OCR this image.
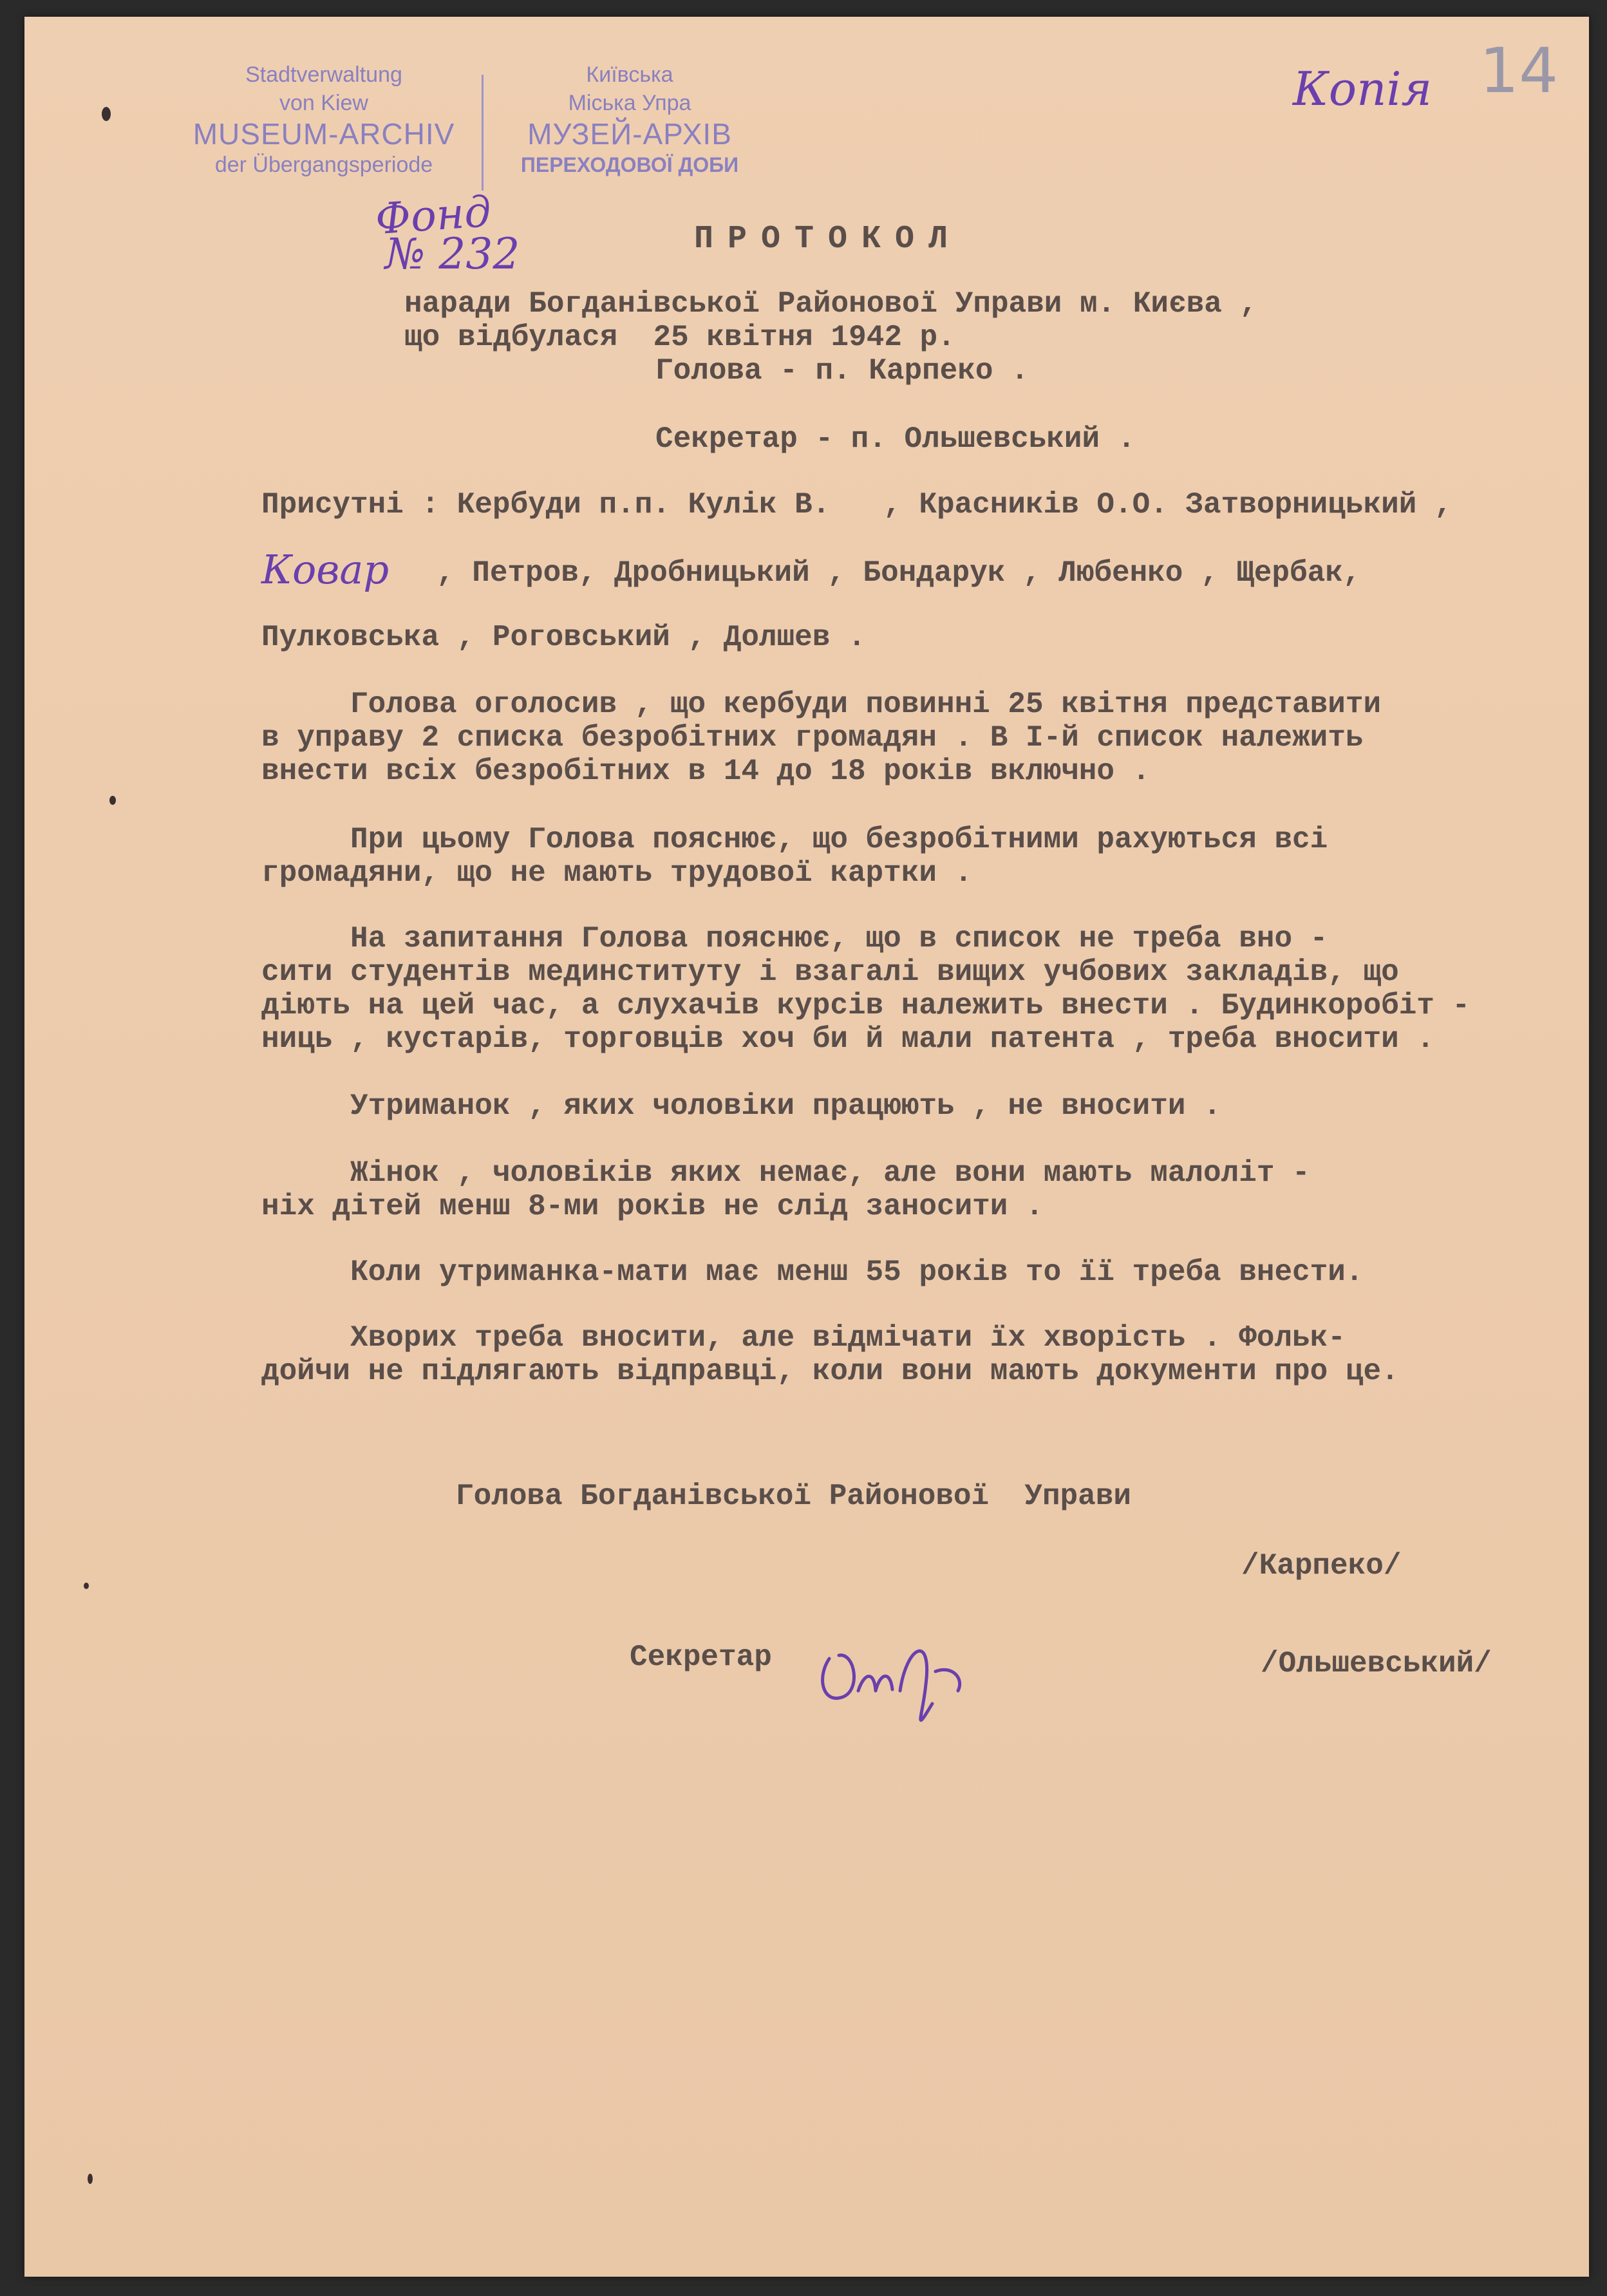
Stadtverwaltung
von Kiew
MUSEUM-ARCHIV
der Übergangsperiode
Київська
Міська Упра
МУЗЕЙ-АРХІВ
ПЕРЕХОДОВОЇ ДОБИ
14
Копія
Фонд
№ 232	ПРОТОКОЛ
наради Богданівської Районової Управи м. Києва ,
що відбулася  25 квітня 1942 р.
Голова - п. Карпеко .
Секретар - п. Ольшевський .
Присутні : Кербуди п.п. Кулік В.   , Красників О.О. Затворницький ,
Ковар , Петров, Дробницький , Бондарук , Любенко , Щербак,
Пулковська , Роговський , Долшев .
Голова оголосив , що кербуди повинні 25 квітня представити
в управу 2 списка безробітних громадян . В І-й список належить
внести всіх безробітних в 14 до 18 років включно .
При цьому Голова пояснює, що безробітними рахуються всі
громадяни, що не мають трудової картки .
На запитання Голова пояснює, що в список не треба вно -
сити студентів мединституту і взагалі вищих учбових закладів, що
діють на цей час, а слухачів курсів належить внести . Будинкоробіт -
ниць , кустарів, торговців хоч би й мали патента , треба вносити .
Утриманок , яких чоловіки працюють , не вносити .
Жінок , чоловіків яких немає, але вони мають малоліт -
ніх дітей менш 8-ми років не слід заносити .
Коли утриманка-мати має менш 55 років то її треба внести.
Хворих треба вносити, але відмічати їх хворість . Фольк-
дойчи не підлягають відправці, коли вони мають документи про це.
Голова Богданівської Районової  Управи
/Карпеко/
Секретар	/Ольшевський/
